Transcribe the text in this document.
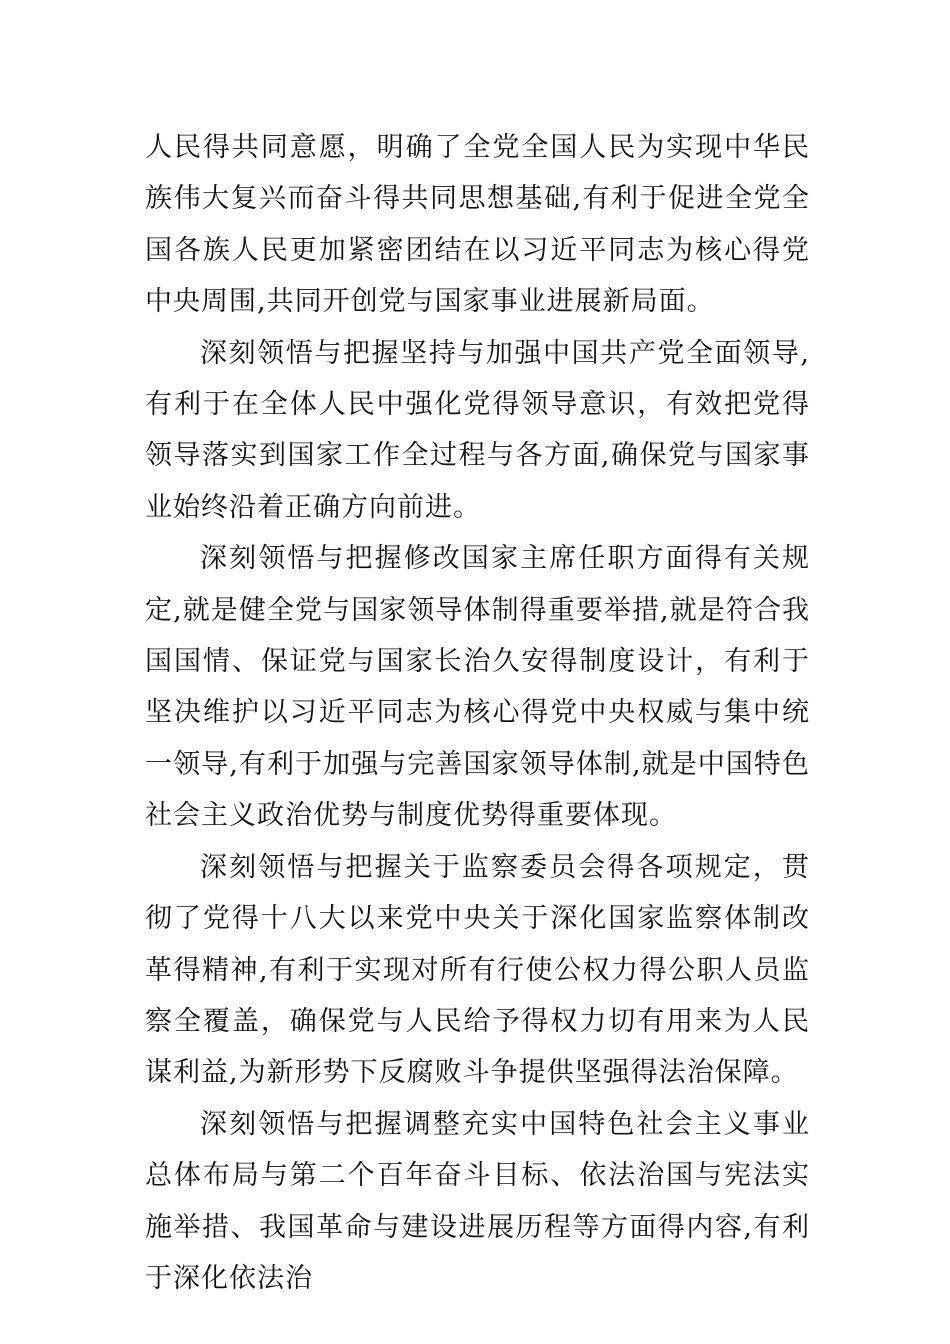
人民得共同意愿，明确了全党全国人民为实现中华民族伟大复兴而奋斗得共同思想基础,有利于促进全党全国各族人民更加紧密团结在以习近平同志为核心得党中央周围,共同开创党与国家事业进展新局面。

深刻领悟与把握坚持与加强中国共产党全面领导,有利于在全体人民中强化党得领导意识，有效把党得领导落实到国家工作全过程与各方面,确保党与国家事业始终沿着正确方向前进。

深刻领悟与把握修改国家主席任职方面得有关规定,就是健全党与国家领导体制得重要举措,就是符合我国国情、保证党与国家长治久安得制度设计，有利于坚决维护以习近平同志为核心得党中央权威与集中统一领导,有利于加强与完善国家领导体制,就是中国特色社会主义政治优势与制度优势得重要体现。

深刻领悟与把握关于监察委员会得各项规定，贯彻了党得十八大以来党中央关于深化国家监察体制改革得精神,有利于实现对所有行使公权力得公职人员监察全覆盖，确保党与人民给予得权力切有用来为人民谋利益,为新形势下反腐败斗争提供坚强得法治保障。

深刻领悟与把握调整充实中国特色社会主义事业总体布局与第二个百年奋斗目标、依法治国与宪法实施举措、我国革命与建设进展历程等方面得内容,有利于深化依法治
